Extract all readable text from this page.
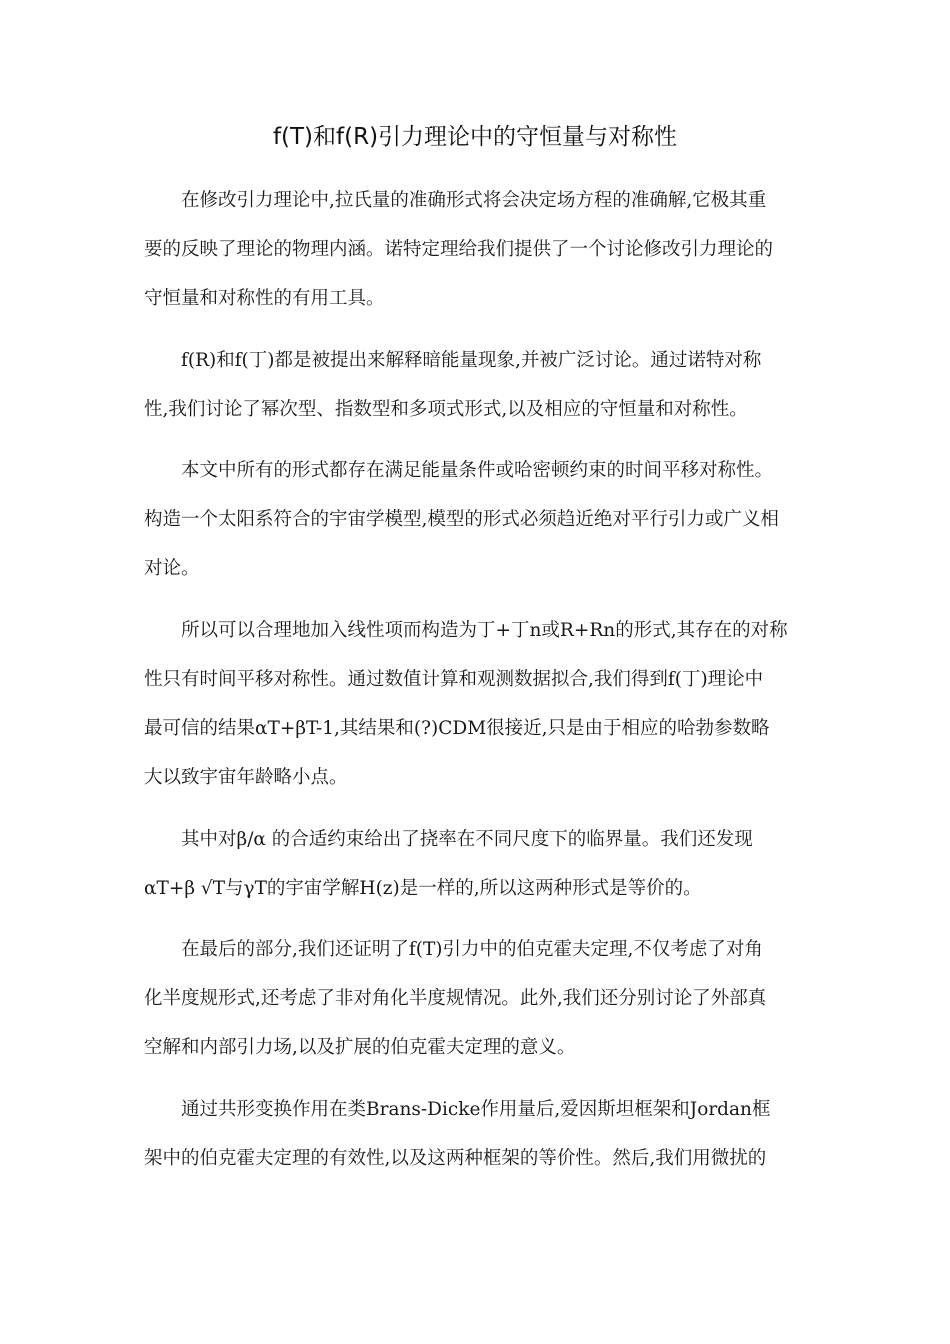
f(T)和f(R)引力理论中的守恒量与对称性
在修改引力理论中,拉氏量的准确形式将会决定场方程的准确解,它极其重
要的反映了理论的物理内涵。诺特定理给我们提供了一个讨论修改引力理论的
守恒量和对称性的有用工具。
f(R)和f(丁)都是被提出来解释暗能量现象,并被广泛讨论。通过诺特对称
性,我们讨论了幂次型、指数型和多项式形式,以及相应的守恒量和对称性。
本文中所有的形式都存在满足能量条件或哈密顿约束的时间平移对称性。
构造一个太阳系符合的宇宙学模型,模型的形式必须趋近绝对平行引力或广义相
对论。
所以可以合理地加入线性项而构造为丁+丁n或R+Rn的形式,其存在的对称
性只有时间平移对称性。通过数值计算和观测数据拟合,我们得到f(丁)理论中
最可信的结果αT+βT-1,其结果和(?)CDM很接近,只是由于相应的哈勃参数略
大以致宇宙年龄略小点。
其中对β/α 的合适约束给出了挠率在不同尺度下的临界量。我们还发现
αT+β √T与γT的宇宙学解H(z)是一样的,所以这两种形式是等价的。
在最后的部分,我们还证明了f(T)引力中的伯克霍夫定理,不仅考虑了对角
化半度规形式,还考虑了非对角化半度规情况。此外,我们还分别讨论了外部真
空解和内部引力场,以及扩展的伯克霍夫定理的意义。
通过共形变换作用在类Brans-Dicke作用量后,爱因斯坦框架和Jordan框
架中的伯克霍夫定理的有效性,以及这两种框架的等价性。然后,我们用微扰的
